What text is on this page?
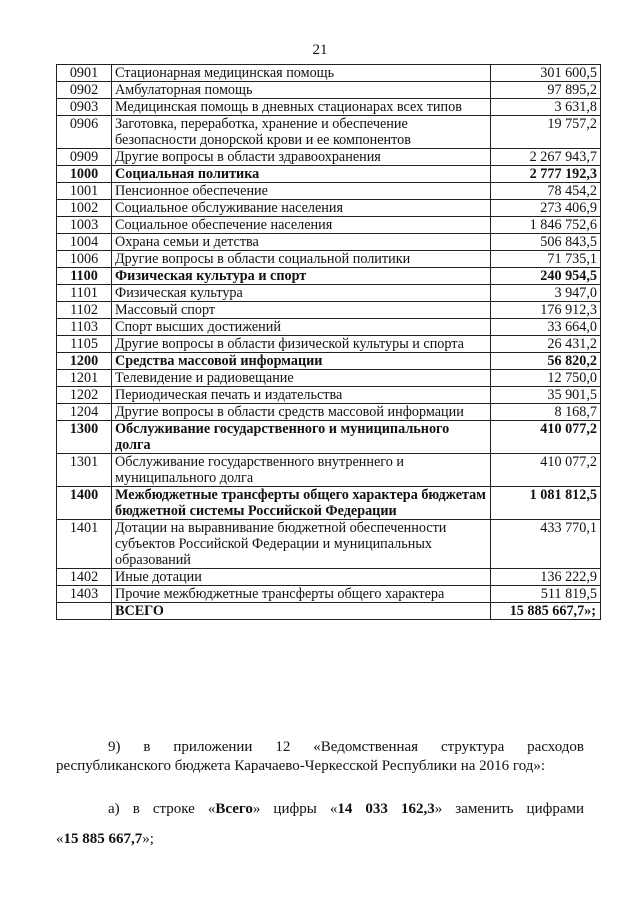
21
0901	Стационарная медицинская помощь	301 600,5
0902	Амбулаторная помощь	97 895,2
0903	Медицинская помощь в дневных стационарах всех типов	3 631,8
0906	Заготовка, переработка, хранение и обеспечение безопасности донорской крови и ее компонентов	19 757,2
0909	Другие вопросы в области здравоохранения	2 267 943,7
1000	Социальная политика	2 777 192,3
1001	Пенсионное обеспечение	78 454,2
1002	Социальное обслуживание населения	273 406,9
1003	Социальное обеспечение населения	1 846 752,6
1004	Охрана семьи и детства	506 843,5
1006	Другие вопросы в области социальной политики	71 735,1
1100	Физическая культура и спорт	240 954,5
1101	Физическая культура	3 947,0
1102	Массовый спорт	176 912,3
1103	Спорт высших достижений	33 664,0
1105	Другие вопросы в области физической культуры и спорта	26 431,2
1200	Средства массовой информации	56 820,2
1201	Телевидение и радиовещание	12 750,0
1202	Периодическая печать и издательства	35 901,5
1204	Другие вопросы в области средств массовой информации	8 168,7
1300	Обслуживание государственного и муниципального долга	410 077,2
1301	Обслуживание государственного внутреннего и муниципального долга	410 077,2
1400	Межбюджетные трансферты общего характера бюджетам бюджетной системы Российской Федерации	1 081 812,5
1401	Дотации на выравнивание бюджетной обеспеченности субъектов Российской Федерации и муниципальных образований	433 770,1
1402	Иные дотации	136 222,9
1403	Прочие межбюджетные трансферты общего характера	511 819,5
	ВСЕГО	15 885 667,7»;
9) в приложении 12 «Ведомственная структура расходов
республиканского бюджета Карачаево-Черкесской Республики на 2016 год»:
а) в строке «Всего» цифры «14 033 162,3» заменить цифрами
«15 885 667,7»;
